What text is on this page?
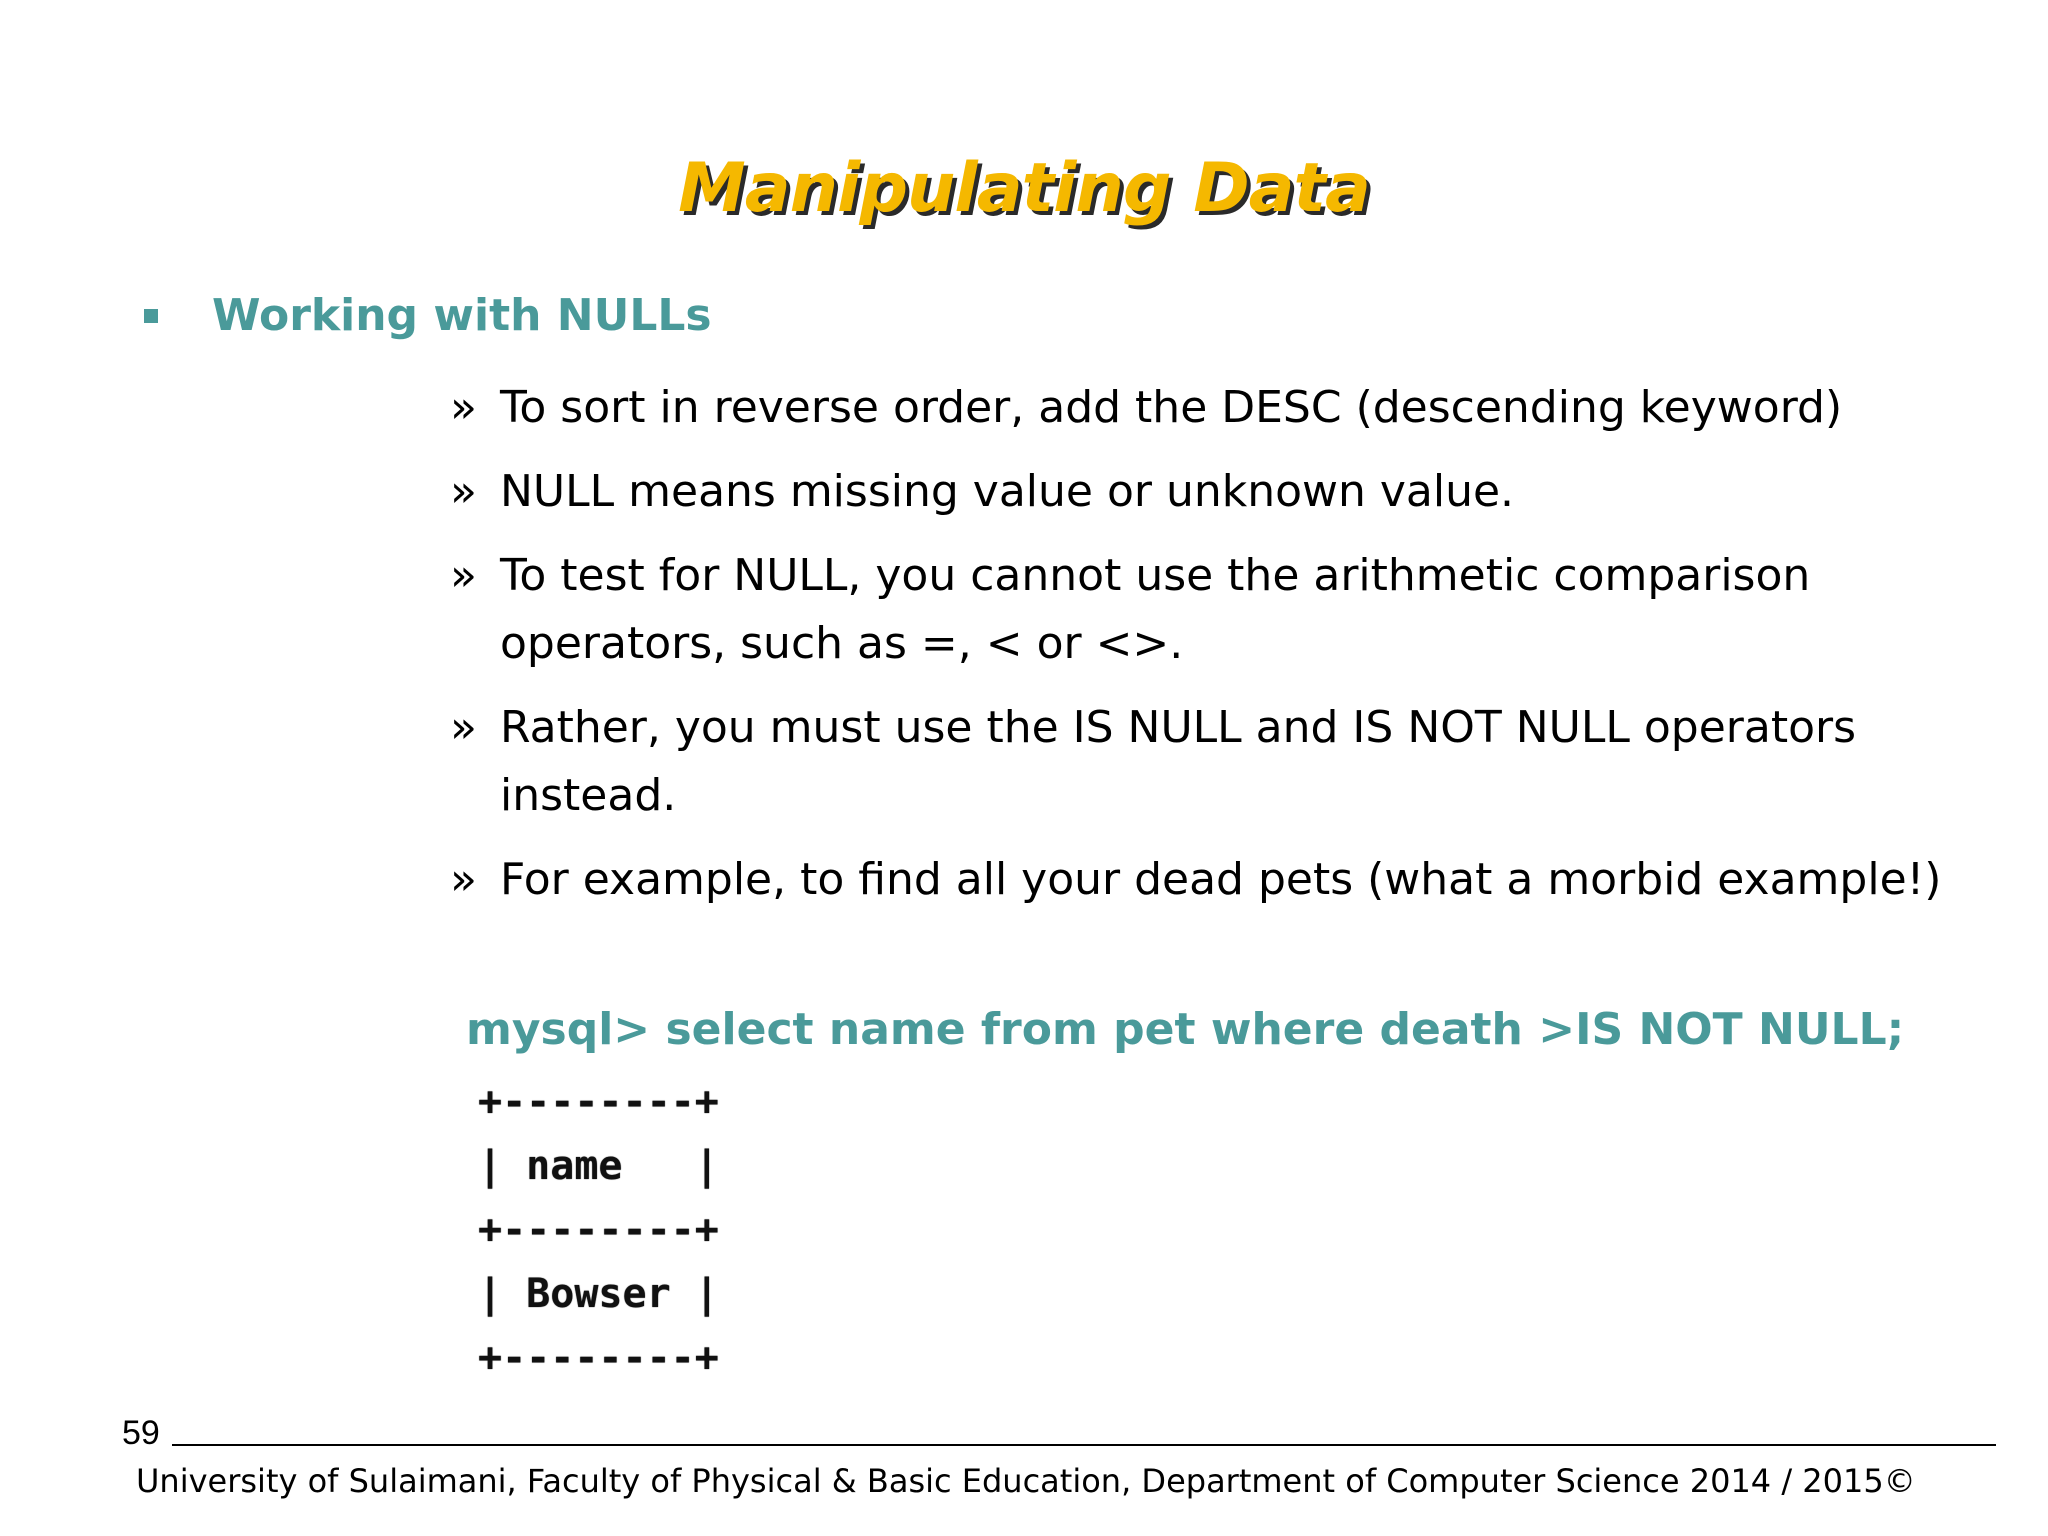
Manipulating Data
Working with NULLs
» To sort in reverse order, add the DESC (descending keyword)
» NULL means missing value or unknown value.
» To test for NULL, you cannot use the arithmetic comparison operators, such as =, < or <>.
» Rather, you must use the IS NULL and IS NOT NULL operators instead.
» For example, to find all your dead pets (what a morbid example!)
mysql> select name from pet where death >IS NOT NULL;
+--------+
| name   |
+--------+
| Bowser |
+--------+
59
University of Sulaimani, Faculty of Physical & Basic Education, Department of Computer Science 2014 / 2015©
